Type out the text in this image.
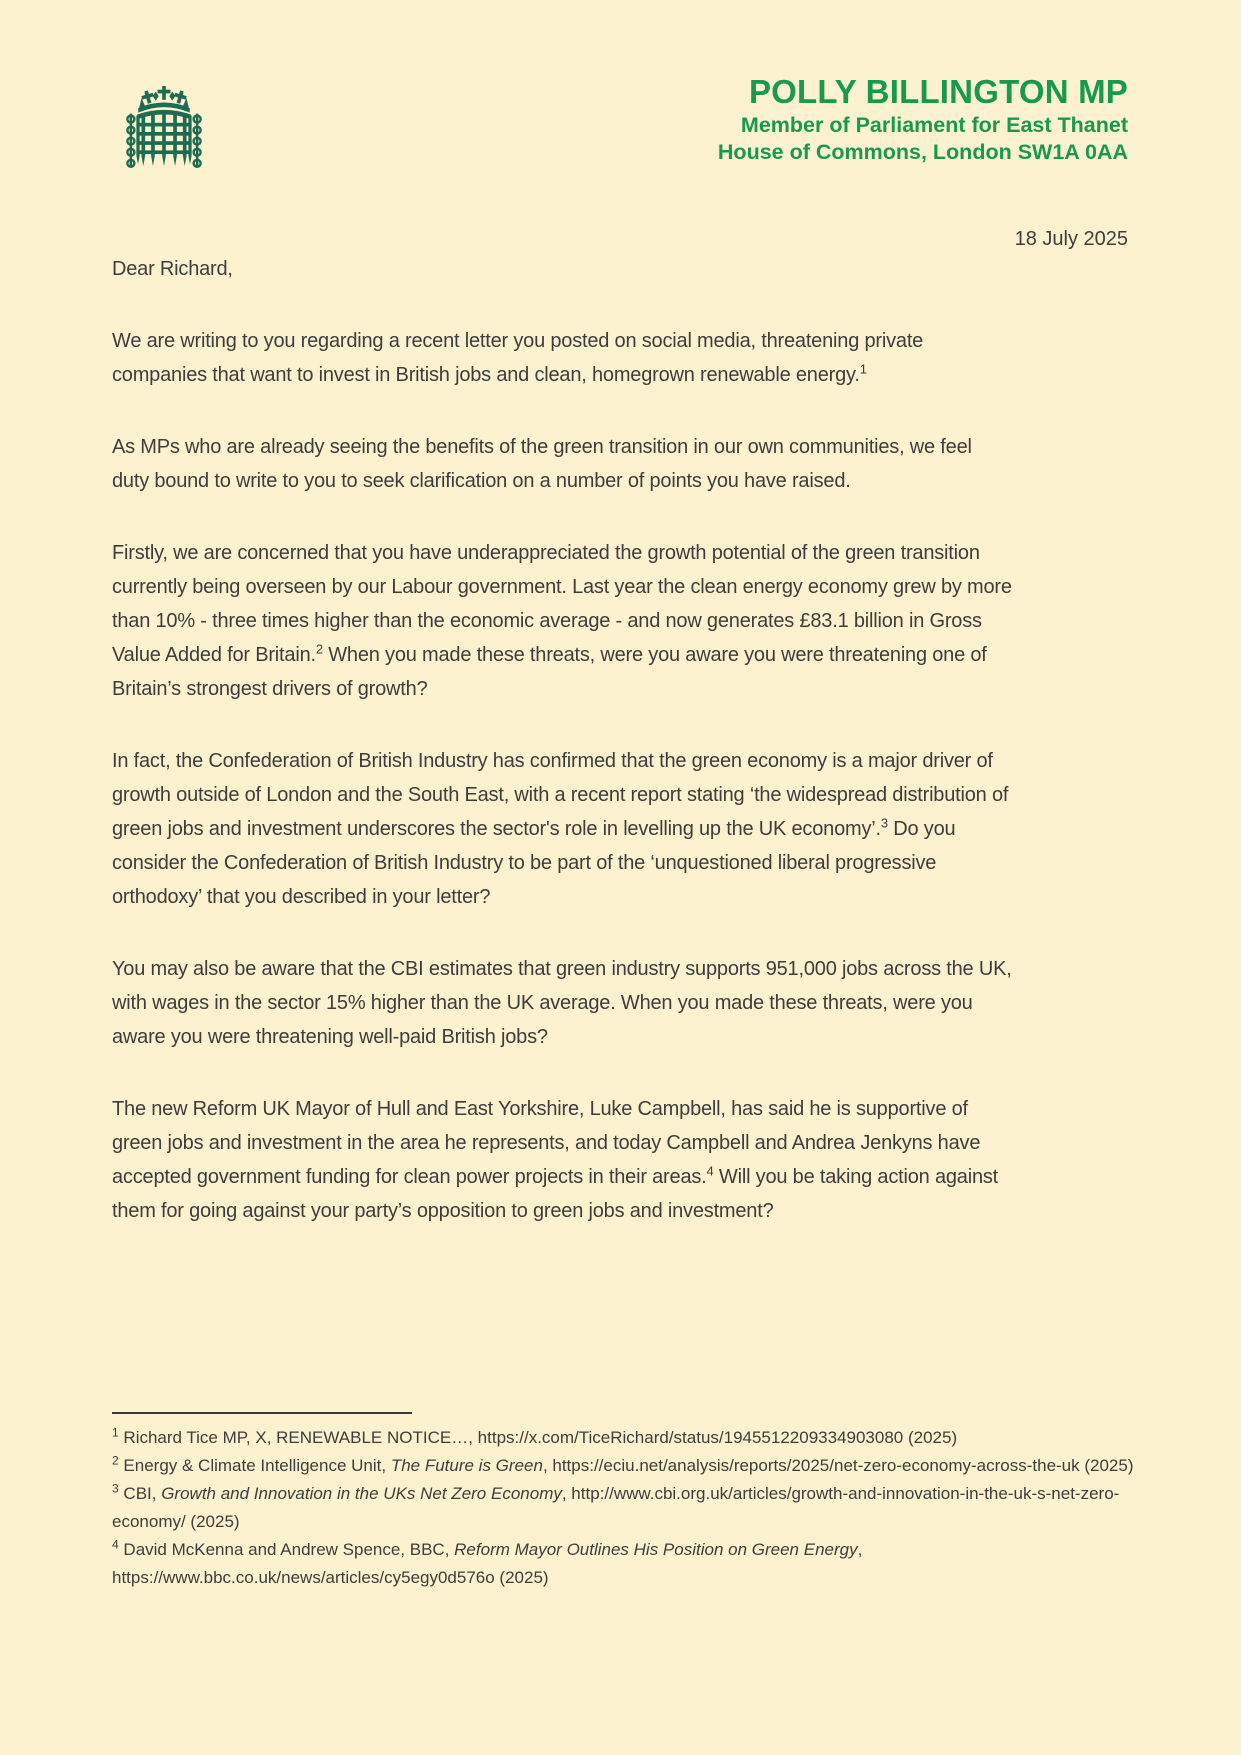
POLLY BILLINGTON MP
Member of Parliament for East Thanet
House of Commons, London SW1A 0AA
18 July 2025

Dear Richard,

We are writing to you regarding a recent letter you posted on social media, threatening private companies that want to invest in British jobs and clean, homegrown renewable energy.$^1$

As MPs who are already seeing the benefits of the green transition in our own communities, we feel duty bound to write to you to seek clarification on a number of points you have raised.

Firstly, we are concerned that you have underappreciated the growth potential of the green transition currently being overseen by our Labour government. Last year the clean energy economy grew by more than 10% - three times higher than the economic average - and now generates £83.1 billion in Gross Value Added for Britain.$^2$ When you made these threats, were you aware you were threatening one of Britain’s strongest drivers of growth?

In fact, the Confederation of British Industry has confirmed that the green economy is a major driver of growth outside of London and the South East, with a recent report stating ‘the widespread distribution of green jobs and investment underscores the sector's role in levelling up the UK economy’.$^3$ Do you consider the Confederation of British Industry to be part of the ‘unquestioned liberal progressive orthodoxy’ that you described in your letter?

You may also be aware that the CBI estimates that green industry supports 951,000 jobs across the UK, with wages in the sector 15% higher than the UK average. When you made these threats, were you aware you were threatening well-paid British jobs?

The new Reform UK Mayor of Hull and East Yorkshire, Luke Campbell, has said he is supportive of green jobs and investment in the area he represents, and today Campbell and Andrea Jenkyns have accepted government funding for clean power projects in their areas.$^4$ Will you be taking action against them for going against your party’s opposition to green jobs and investment?

$^1$ Richard Tice MP, X, RENEWABLE NOTICE…, https://x.com/TiceRichard/status/1945512209334903080 (2025)

$^2$ Energy & Climate Intelligence Unit, The Future is Green, https://eciu.net/analysis/reports/2025/net-zero-economy-across-the-uk (2025)

$^3$ CBI, Growth and Innovation in the UKs Net Zero Economy, http://www.cbi.org.uk/articles/growth-and-innovation-in-the-uk-s-net-zero-economy/ (2025)

$^4$ David McKenna and Andrew Spence, BBC, Reform Mayor Outlines His Position on Green Energy, https://www.bbc.co.uk/news/articles/cy5egy0d576o (2025)
